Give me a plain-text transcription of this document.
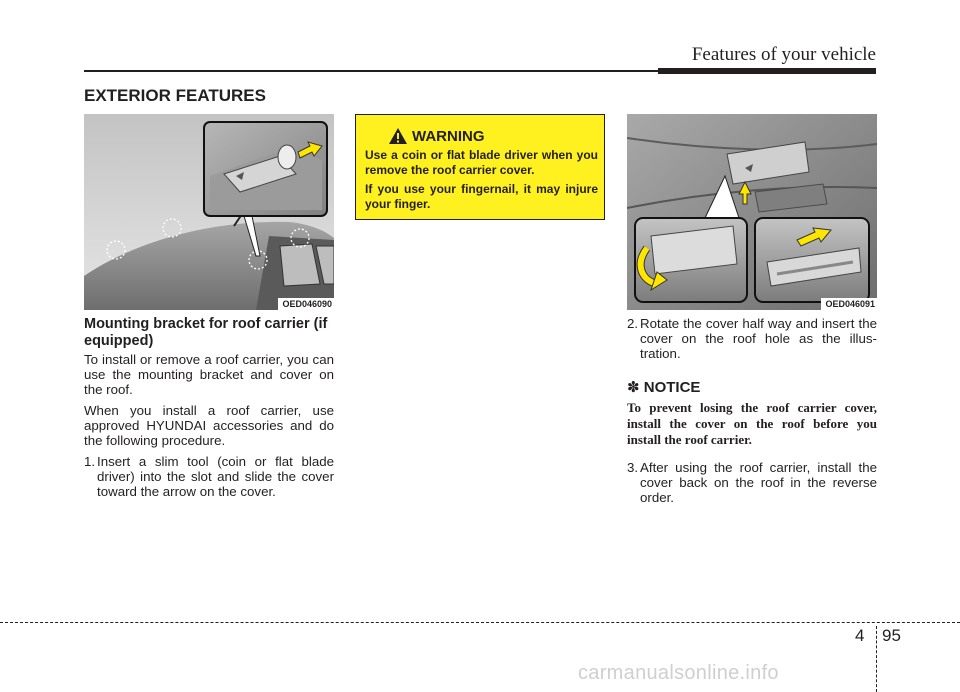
Features of your vehicle
EXTERIOR FEATURES
OED046090
WARNING

Use a coin or flat blade driver when you remove the roof carrier cover.

If you use your fingernail, it may injure your finger.

OED046091
Mounting bracket for roof carrier (if equipped)

To install or remove a roof carrier, you can use the mounting bracket and cover on the roof.

When you install a roof carrier, use approved HYUNDAI accessories and do the following procedure.

1. Insert a slim tool (coin or flat blade driver) into the slot and slide the cover toward the arrow on the cover.
2. Rotate the cover half way and insert the cover on the roof hole as the illus-tration.
✽ NOTICE
To prevent losing the roof carrier cover, install the cover on the roof before you install the roof carrier.
3. After using the roof carrier, install the cover back on the roof in the reverse order.
4 95
carmanualsonline.info
